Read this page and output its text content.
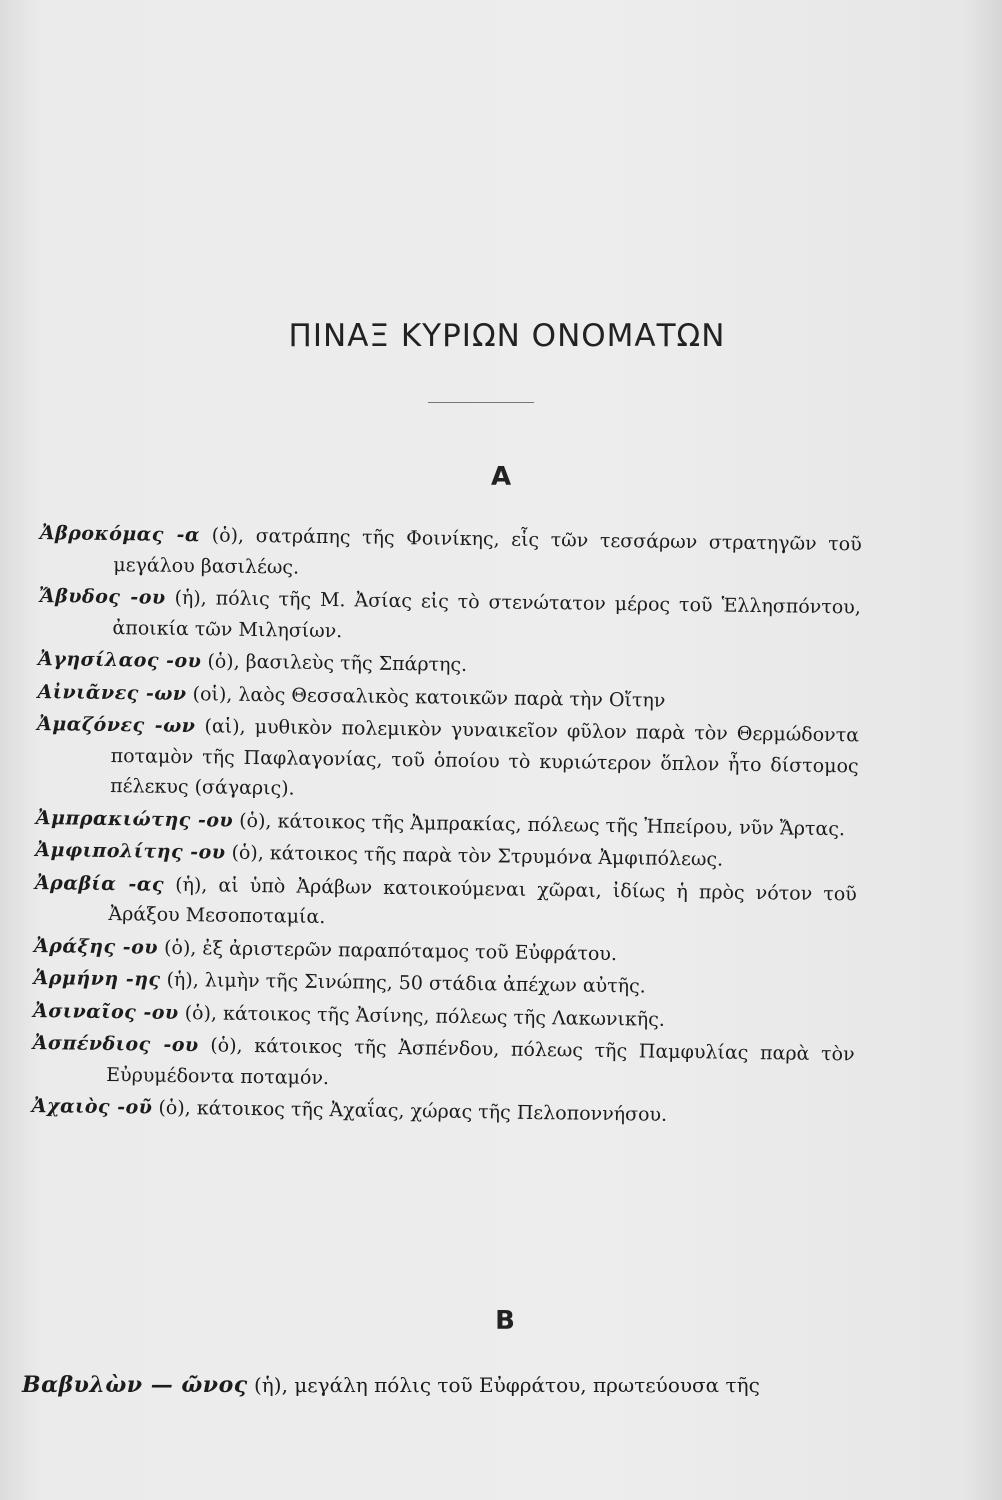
ΠΙΝΑΞ ΚΥΡΙΩΝ ΟΝΟΜΑΤΩΝ
Α

Ἀβροκόμας -α (ὁ), σατράπης τῆς Φοινίκης, εἷς τῶν τεσσάρων στρατηγῶν τοῦ μεγάλου βασιλέως.

Ἄβυδος -ου (ἡ), πόλις τῆς Μ. Ἀσίας εἰς τὸ στενώτατον μέρος τοῦ Ἑλλησπόντου, ἀποικία τῶν Μιλησίων.

Ἀγησίλαος -ου (ὁ), βασιλεὺς τῆς Σπάρτης.

Αἰνιᾶνες -ων (οἱ), λαὸς Θεσσαλικὸς κατοικῶν παρὰ τὴν Οἴτην

Ἀμαζόνες -ων (αἱ), μυθικὸν πολεμικὸν γυναικεῖον φῦλον παρὰ τὸν Θερμώδοντα ποταμὸν τῆς Παφλαγονίας, τοῦ ὁποίου τὸ κυριώτερον ὅπλον ἦτο δίστομος πέλεκυς (σάγαρις).

Ἀμπρακιώτης -ου (ὁ), κάτοικος τῆς Ἀμπρακίας, πόλεως τῆς Ἠπείρου, νῦν Ἄρτας.

Ἀμφιπολίτης -ου (ὁ), κάτοικος τῆς παρὰ τὸν Στρυμόνα Ἀμφιπόλεως.

Ἀραβία -ας (ἡ), αἱ ὑπὸ Ἀράβων κατοικούμεναι χῶραι, ἰδίως ἡ πρὸς νότον τοῦ Ἀράξου Μεσοποταμία.

Ἀράξης -ου (ὁ), ἐξ ἀριστερῶν παραπόταμος τοῦ Εὐφράτου.

Ἁρμήνη -ης (ἡ), λιμὴν τῆς Σινώπης, 50 στάδια ἀπέχων αὐτῆς.

Ἀσιναῖος -ου (ὁ), κάτοικος τῆς Ἀσίνης, πόλεως τῆς Λακωνικῆς.

Ἀσπένδιος -ου (ὁ), κάτοικος τῆς Ἀσπένδου, πόλεως τῆς Παμφυλίας παρὰ τὸν Εὐρυμέδοντα ποταμόν.

Ἀχαιὸς -οῦ (ὁ), κάτοικος τῆς Ἀχαΐας, χώρας τῆς Πελοποννήσου.

Β

Βαβυλὼν — ῶνος (ἡ), μεγάλη πόλις τοῦ Εὐφράτου, πρωτεύουσα τῆς
